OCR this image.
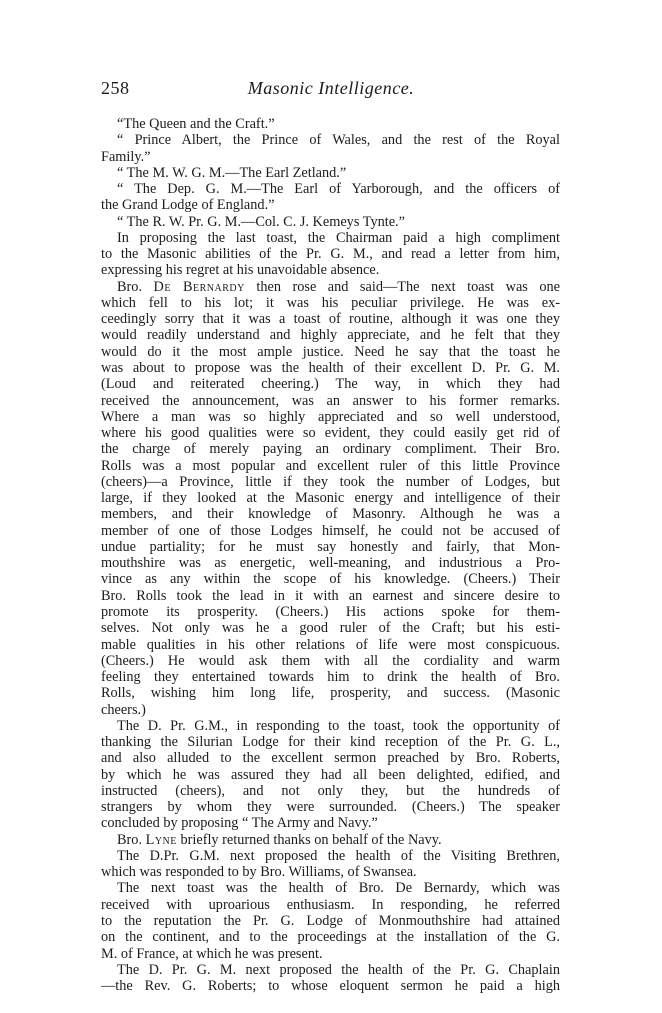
258	Masonic Intelligence.
“The Queen and the Craft.”
“ Prince Albert, the Prince of Wales, and the rest of the Royal
Family.”
“ The M. W. G. M.—The Earl Zetland.”
“ The Dep. G. M.—The Earl of Yarborough, and the officers of
the Grand Lodge of England.”
“ The R. W. Pr. G. M.—Col. C. J. Kemeys Tynte.”
In proposing the last toast, the Chairman paid a high compliment
to the Masonic abilities of the Pr. G. M., and read a letter from him,
expressing his regret at his unavoidable absence.
Bro. De Bernardy then rose and said—The next toast was one
which fell to his lot; it was his peculiar privilege. He was ex-
ceedingly sorry that it was a toast of routine, although it was one they
would readily understand and highly appreciate, and he felt that they
would do it the most ample justice. Need he say that the toast he
was about to propose was the health of their excellent D. Pr. G. M.
(Loud and reiterated cheering.) The way, in which they had
received the announcement, was an answer to his former remarks.
Where a man was so highly appreciated and so well understood,
where his good qualities were so evident, they could easily get rid of
the charge of merely paying an ordinary compliment. Their Bro.
Rolls was a most popular and excellent ruler of this little Province
(cheers)—a Province, little if they took the number of Lodges, but
large, if they looked at the Masonic energy and intelligence of their
members, and their knowledge of Masonry. Although he was a
member of one of those Lodges himself, he could not be accused of
undue partiality; for he must say honestly and fairly, that Mon-
mouthshire was as energetic, well-meaning, and industrious a Pro-
vince as any within the scope of his knowledge. (Cheers.) Their
Bro. Rolls took the lead in it with an earnest and sincere desire to
promote its prosperity. (Cheers.) His actions spoke for them-
selves. Not only was he a good ruler of the Craft; but his esti-
mable qualities in his other relations of life were most conspicuous.
(Cheers.) He would ask them with all the cordiality and warm
feeling they entertained towards him to drink the health of Bro.
Rolls, wishing him long life, prosperity, and success. (Masonic
cheers.)
The D. Pr. G.M., in responding to the toast, took the opportunity of
thanking the Silurian Lodge for their kind reception of the Pr. G. L.,
and also alluded to the excellent sermon preached by Bro. Roberts,
by which he was assured they had all been delighted, edified, and
instructed (cheers), and not only they, but the hundreds of
strangers by whom they were surrounded. (Cheers.) The speaker
concluded by proposing “ The Army and Navy.”
Bro. Lyne briefly returned thanks on behalf of the Navy.
The D.Pr. G.M. next proposed the health of the Visiting Brethren,
which was responded to by Bro. Williams, of Swansea.
The next toast was the health of Bro. De Bernardy, which was
received with uproarious enthusiasm. In responding, he referred
to the reputation the Pr. G. Lodge of Monmouthshire had attained
on the continent, and to the proceedings at the installation of the G.
M. of France, at which he was present.
The D. Pr. G. M. next proposed the health of the Pr. G. Chaplain
—the Rev. G. Roberts; to whose eloquent sermon he paid a high
